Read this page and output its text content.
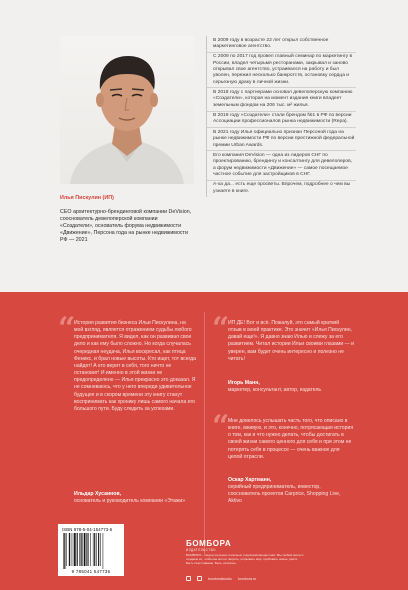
Илья Пискулин (ИП)
СЕО архитектурно-брендинговой компании DeVision, сооснователь девелоперской компании «Создатели», основатель форума недвижимости «Движение», Персона года на рынке недвижимости РФ — 2021

В 2009 году в возрасте 22 лет открыл собственное маркетинговое агентство.

С 2009 по 2017 год провел главный семинар по маркетингу в России, владел четырьмя ресторанами, закрывал и заново открывал свое агентство, устраивался на работу и был уволен, пережил несколько банкротств, остановку сердца и серьезную драку в личной жизни.

В 2018 году с партнерами основал девелоперскую компанию «Создатели», которая на момент издания книги владеет земельным фондом на 206 тыс. м² жилья.

В 2019 году «Создатели» стали брендом №1 в РФ по версии Ассоциации профессионалов рынка недвижимости (Repa).

В 2021 году Илья официально признан Персоной года на рынке недвижимости РФ по версии престижной федеральной премии Urban Awards.

Его компания DeVision — одна из лидеров СНГ по проектированию, брендингу и консалтингу для девелоперов, а форум недвижимости «Движение» — самое посещаемое частное событие для застройщиков в СНГ.

А-ха да... есть еще просветы. Впрочем, подробнее о чем вы узнаете в книге.

“
История развития бизнеса Ильи Пискулина, на мой взгляд, является отражением судьбы любого предпринимателя. Я видел, как он развивал свое дело и как ему было сложно. Но когда случалась очередная неудача, Илья воскресал, как птица Феникс, и брал новые высоты. Кто ищет, тот всегда найдет! А кто верит в себя, того ничто не остановит! И именно в этой жизни не предопределено — Илья прекрасно это доказал. Я не сомневаюсь, что у него впереди удивительное будущее и в скором времени эту книгу станут воспринимать как хронику лишь самого начала его большого пути. Буду следить за успехами.
Ильдар Хусаинов,
основатель и руководитель компании «Этажи»
“
ИП ДЕ! Вот и всё. Пожалуй, это самый краткий отзыв в моей практике. Это значит «Илья Пискулин, давай еще!». Я давно знаю Илью и слежу за его развитием. Читал истории Ильи своими глазами — и уверен, вам будет очень интересно и полезно не читать!
Игорь Манн,
маркетер, консультант, автор, издатель
“
Мне довелось услышать часть того, что описано в книге, вживую, и это, конечно, потрясающая история о том, как и что нужно делать, чтобы достигать в своей жизни самого ценного для себя и при этом не потерять себя в процессе — очень важное для целой отрасли.
Оскар Хартманн,
серийный предприниматель, инвестор, сооснователь проектов Carprice, Shopping Live, Aktivo
ISBN 978-5-04-154773-6
9 785041 547736
БОМБОРА
ИЗДАТЕЛЬСТВО
БОМБОРА – лидер на рынке полезных и вдохновляющих книг. Мы любим книги и создаем их, чтобы вы могли творить, открывать мир, пробовать новое, расти. Быть счастливыми. Быть на волне.
bomborabooks bombora.ru
